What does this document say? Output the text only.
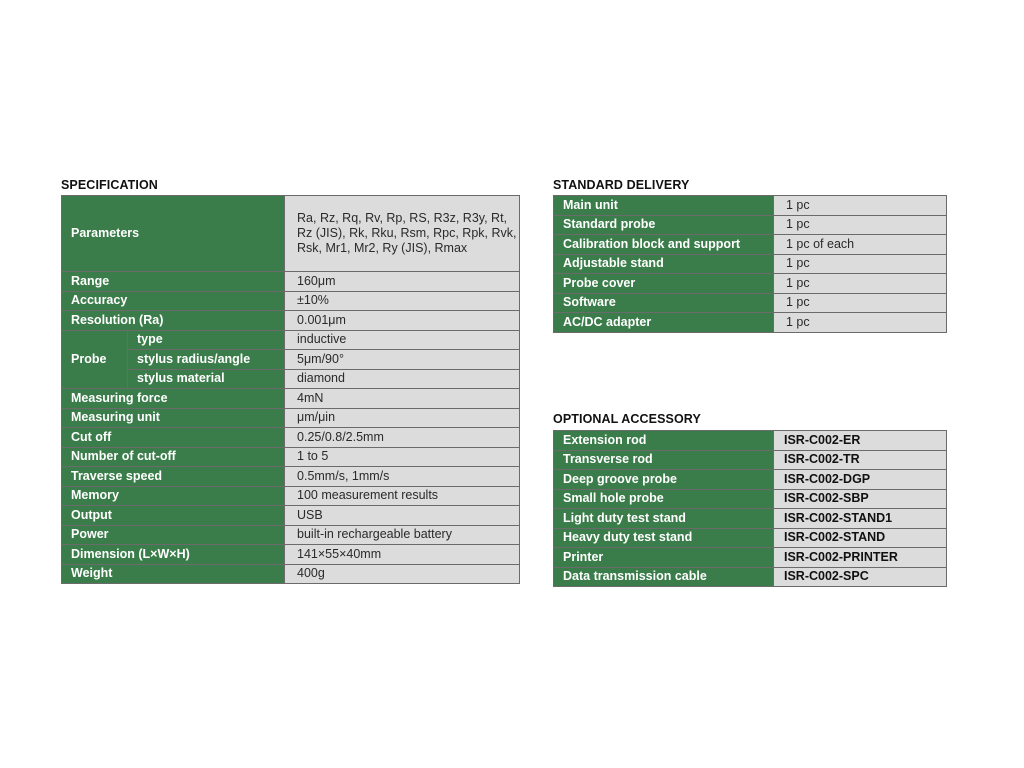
SPECIFICATION
Parameters		Ra, Rz, Rq, Rv, Rp, RS, R3z, R3y, Rt, Rz (JIS), Rk, Rku, Rsm, Rpc, Rpk, Rvk, Rsk, Mr1, Mr2, Ry (JIS), Rmax
Range		160μm
Accuracy		±10%
Resolution (Ra)		0.001μm
Probe	type	inductive
	stylus radius/angle	5μm/90°
	stylus material	diamond
Measuring force		4mN
Measuring unit		μm/μin
Cut off		0.25/0.8/2.5mm
Number of cut-off		1 to 5
Traverse speed		0.5mm/s, 1mm/s
Memory		100 measurement results
Output		USB
Power		built-in rechargeable battery
Dimension (L×W×H)		141×55×40mm
Weight		400g
STANDARD DELIVERY
Main unit	1 pc
Standard probe	1 pc
Calibration block and support	1 pc of each
Adjustable stand	1 pc
Probe cover	1 pc
Software	1 pc
AC/DC adapter	1 pc
OPTIONAL ACCESSORY
Extension rod	ISR-C002-ER
Transverse rod	ISR-C002-TR
Deep groove probe	ISR-C002-DGP
Small hole probe	ISR-C002-SBP
Light duty test stand	ISR-C002-STAND1
Heavy duty test stand	ISR-C002-STAND
Printer	ISR-C002-PRINTER
Data transmission cable	ISR-C002-SPC
